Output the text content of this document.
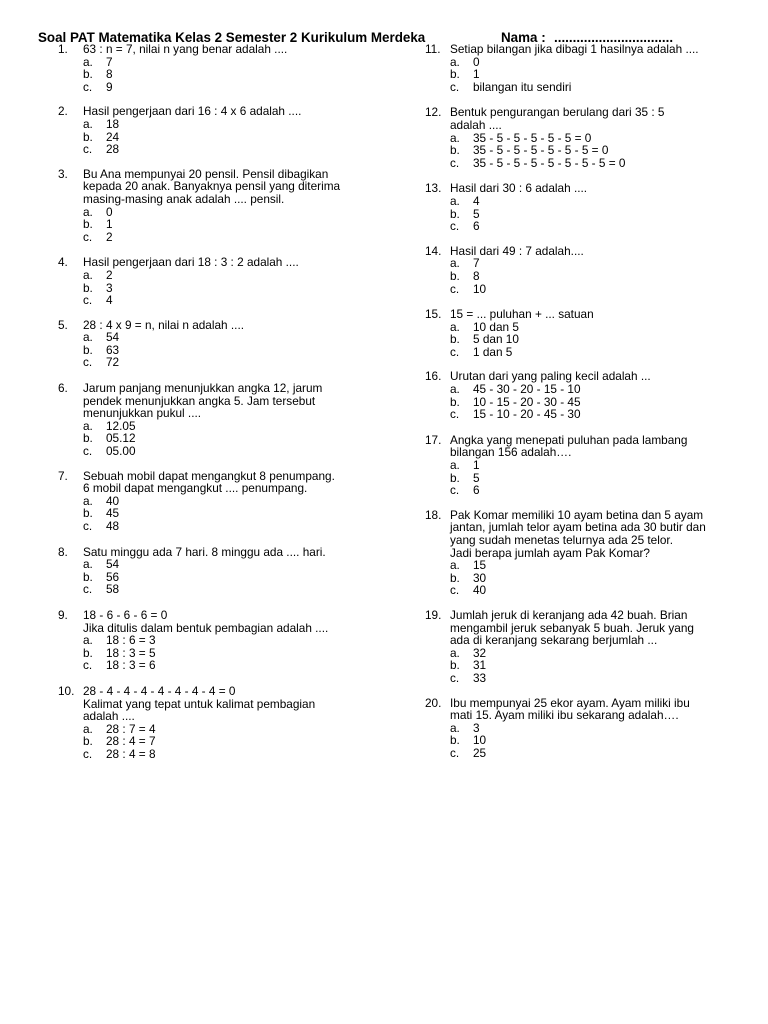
Soal PAT Matematika Kelas 2 Semester 2 Kurikulum Merdeka	Nama : ................................
1. 63 : n = 7, nilai n yang benar adalah ....
a. 7
b. 8
c. 9
2. Hasil pengerjaan dari 16 : 4 x 6 adalah ....
a. 18
b. 24
c. 28
3. Bu Ana mempunyai 20 pensil. Pensil dibagikan
kepada 20 anak. Banyaknya pensil yang diterima
masing-masing anak adalah .... pensil.
a. 0
b. 1
c. 2
4. Hasil pengerjaan dari 18 : 3 : 2 adalah ....
a. 2
b. 3
c. 4
5. 28 : 4 x 9 = n, nilai n adalah ....
a. 54
b. 63
c. 72
6. Jarum panjang menunjukkan angka 12, jarum
pendek menunjukkan angka 5. Jam tersebut
menunjukkan pukul ....
a. 12.05
b. 05.12
c. 05.00
7. Sebuah mobil dapat mengangkut 8 penumpang.
6 mobil dapat mengangkut .... penumpang.
a. 40
b. 45
c. 48
8. Satu minggu ada 7 hari. 8 minggu ada .... hari.
a. 54
b. 56
c. 58
9. 18 - 6 - 6 - 6 = 0
Jika ditulis dalam bentuk pembagian adalah ....
a. 18 : 6 = 3
b. 18 : 3 = 5
c. 18 : 3 = 6
10. 28 - 4 - 4 - 4 - 4 - 4 - 4 - 4 = 0
Kalimat yang tepat untuk kalimat pembagian
adalah ....
a. 28 : 7 = 4
b. 28 : 4 = 7
c. 28 : 4 = 8
11. Setiap bilangan jika dibagi 1 hasilnya adalah ....
a. 0
b. 1
c. bilangan itu sendiri
12. Bentuk pengurangan berulang dari 35 : 5
adalah ....
a. 35 - 5 - 5 - 5 - 5 - 5 = 0
b. 35 - 5 - 5 - 5 - 5 - 5 - 5 = 0
c. 35 - 5 - 5 - 5 - 5 - 5 - 5 - 5 = 0
13. Hasil dari 30 : 6 adalah ....
a. 4
b. 5
c. 6
14. Hasil dari 49 : 7 adalah....
a. 7
b. 8
c. 10
15. 15 = ... puluhan + ... satuan
a. 10 dan 5
b. 5 dan 10
c. 1 dan 5
16. Urutan dari yang paling kecil adalah ...
a. 45 - 30 - 20 - 15 - 10
b. 10 - 15 - 20 - 30 - 45
c. 15 - 10 - 20 - 45 - 30
17. Angka yang menepati puluhan pada lambang
bilangan 156 adalah….
a. 1
b. 5
c. 6
18. Pak Komar memiliki 10 ayam betina dan 5 ayam
jantan, jumlah telor ayam betina ada 30 butir dan
yang sudah menetas telurnya ada 25 telor.
Jadi berapa jumlah ayam Pak Komar?
a. 15
b. 30
c. 40
19. Jumlah jeruk di keranjang ada 42 buah. Brian
mengambil jeruk sebanyak 5 buah. Jeruk yang
ada di keranjang sekarang berjumlah ...
a. 32
b. 31
c. 33
20. Ibu mempunyai 25 ekor ayam. Ayam miliki ibu
mati 15. Ayam miliki ibu sekarang adalah….
a. 3
b. 10
c. 25
